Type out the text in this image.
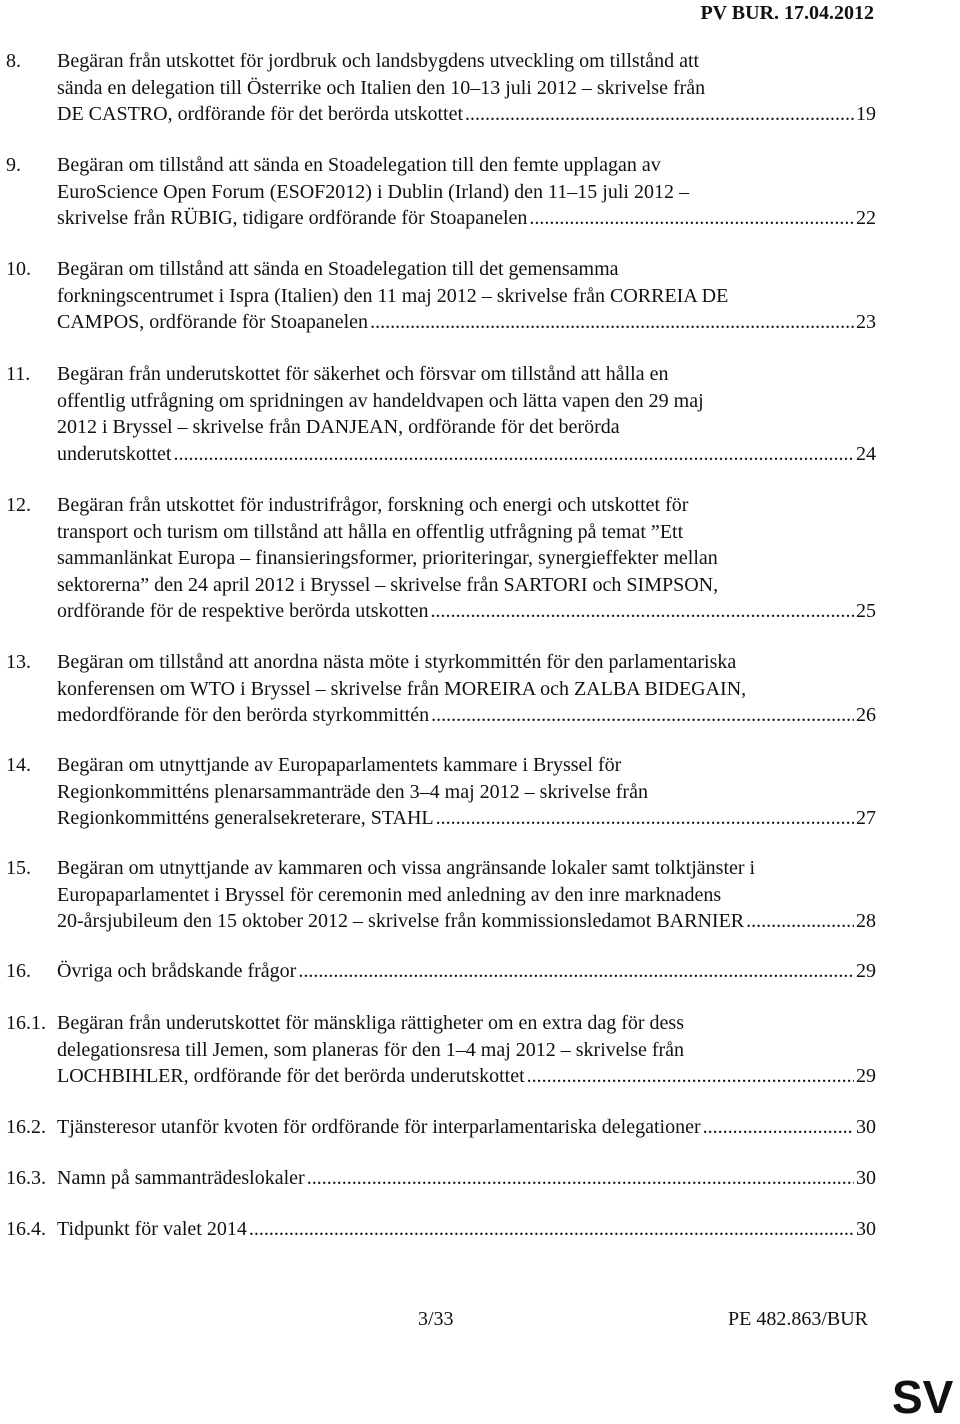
PV BUR. 17.04.2012
8. Begäran från utskottet för jordbruk och landsbygdens utveckling om tillstånd att
sända en delegation till Österrike och Italien den 10–13 juli 2012 – skrivelse från
DE CASTRO, ordförande för det berörda utskottet .....	19
9. Begäran om tillstånd att sända en Stoadelegation till den femte upplagan av
EuroScience Open Forum (ESOF2012) i Dublin (Irland) den 11–15 juli 2012 –
skrivelse från RÜBIG, tidigare ordförande för Stoapanelen .....	22
10. Begäran om tillstånd att sända en Stoadelegation till det gemensamma
forkningscentrumet i Ispra (Italien) den 11 maj 2012 – skrivelse från CORREIA DE
CAMPOS, ordförande för Stoapanelen .....	23
11. Begäran från underutskottet för säkerhet och försvar om tillstånd att hålla en
offentlig utfrågning om spridningen av handeldvapen och lätta vapen den 29 maj
2012 i Bryssel – skrivelse från DANJEAN, ordförande för det berörda
underutskottet .....	24
12. Begäran från utskottet för industrifrågor, forskning och energi och utskottet för
transport och turism om tillstånd att hålla en offentlig utfrågning på temat ”Ett
sammanlänkat Europa – finansieringsformer, prioriteringar, synergieffekter mellan
sektorerna” den 24 april 2012 i Bryssel – skrivelse från SARTORI och SIMPSON,
ordförande för de respektive berörda utskotten .....	25
13. Begäran om tillstånd att anordna nästa möte i styrkommittén för den parlamentariska
konferensen om WTO i Bryssel – skrivelse från MOREIRA och ZALBA BIDEGAIN,
medordförande för den berörda styrkommittén .....	26
14. Begäran om utnyttjande av Europaparlamentets kammare i Bryssel för
Regionkommitténs plenarsammanträde den 3–4 maj 2012 – skrivelse från
Regionkommitténs generalsekreterare, STAHL .....	27
15. Begäran om utnyttjande av kammaren och vissa angränsande lokaler samt tolktjänster i
Europaparlamentet i Bryssel för ceremonin med anledning av den inre marknadens
20-årsjubileum den 15 oktober 2012 – skrivelse från kommissionsledamot BARNIER .....	28
16. Övriga och brådskande frågor .....	29
16.1. Begäran från underutskottet för mänskliga rättigheter om en extra dag för dess
delegationsresa till Jemen, som planeras för den 1–4 maj 2012 – skrivelse från
LOCHBIHLER, ordförande för det berörda underutskottet .....	29
16.2. Tjänsteresor utanför kvoten för ordförande för interparlamentariska delegationer .....	30
16.3. Namn på sammanträdeslokaler .....	30
16.4. Tidpunkt för valet 2014 .....	30
3/33	PE 482.863/BUR
SV
